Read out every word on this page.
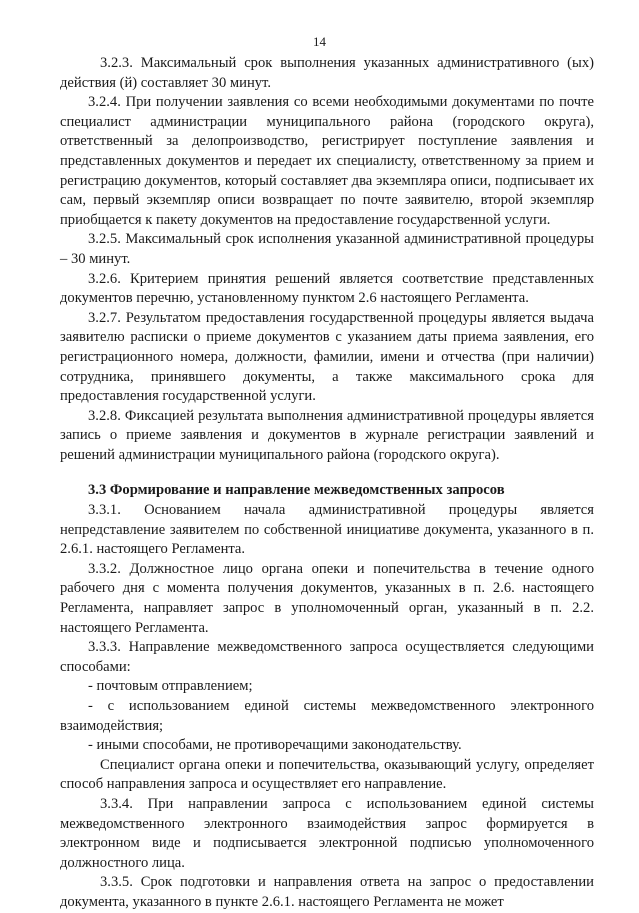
14

3.2.3. Максимальный срок выполнения указанных административного (ых) действия (й) составляет 30 минут.

3.2.4. При получении заявления со всеми необходимыми документами по почте специалист администрации муниципального района (городского округа), ответственный за делопроизводство, регистрирует поступление заявления и представленных документов и передает их специалисту, ответственному за прием и регистрацию документов, который составляет два экземпляра описи, подписывает их сам, первый экземпляр описи возвращает по почте заявителю, второй экземпляр приобщается к пакету документов на предоставление государственной услуги.

3.2.5. Максимальный срок исполнения указанной административной процедуры – 30 минут.

3.2.6. Критерием принятия решений является соответствие представленных документов перечню, установленному пунктом 2.6 настоящего Регламента.

3.2.7. Результатом предоставления государственной процедуры является выдача заявителю расписки о приеме документов с указанием даты приема заявления, его регистрационного номера, должности, фамилии, имени и отчества (при наличии) сотрудника, принявшего документы, а также максимального срока для предоставления государственной услуги.

3.2.8. Фиксацией результата выполнения административной процедуры является запись о приеме заявления и документов в журнале регистрации заявлений и решений администрации муниципального района (городского округа).

3.3 Формирование и направление межведомственных запросов

3.3.1. Основанием начала административной процедуры является непредставление заявителем по собственной инициативе документа, указанного в п. 2.6.1. настоящего Регламента.

3.3.2. Должностное лицо органа опеки и попечительства в течение одного рабочего дня с момента получения документов, указанных в п. 2.6. настоящего Регламента, направляет запрос в уполномоченный орган, указанный в п. 2.2. настоящего Регламента.

3.3.3. Направление межведомственного запроса осуществляется следующими способами:

- почтовым отправлением;

- с использованием единой системы межведомственного электронного взаимодействия;

- иными способами, не противоречащими законодательству.

Специалист органа опеки и попечительства, оказывающий услугу, определяет способ направления запроса и осуществляет его направление.

3.3.4. При направлении запроса с использованием единой системы межведомственного электронного взаимодействия запрос формируется в электронном виде и подписывается электронной подписью уполномоченного должностного лица.

3.3.5. Срок подготовки и направления ответа на запрос о предоставлении документа, указанного в пункте 2.6.1. настоящего Регламента не может
